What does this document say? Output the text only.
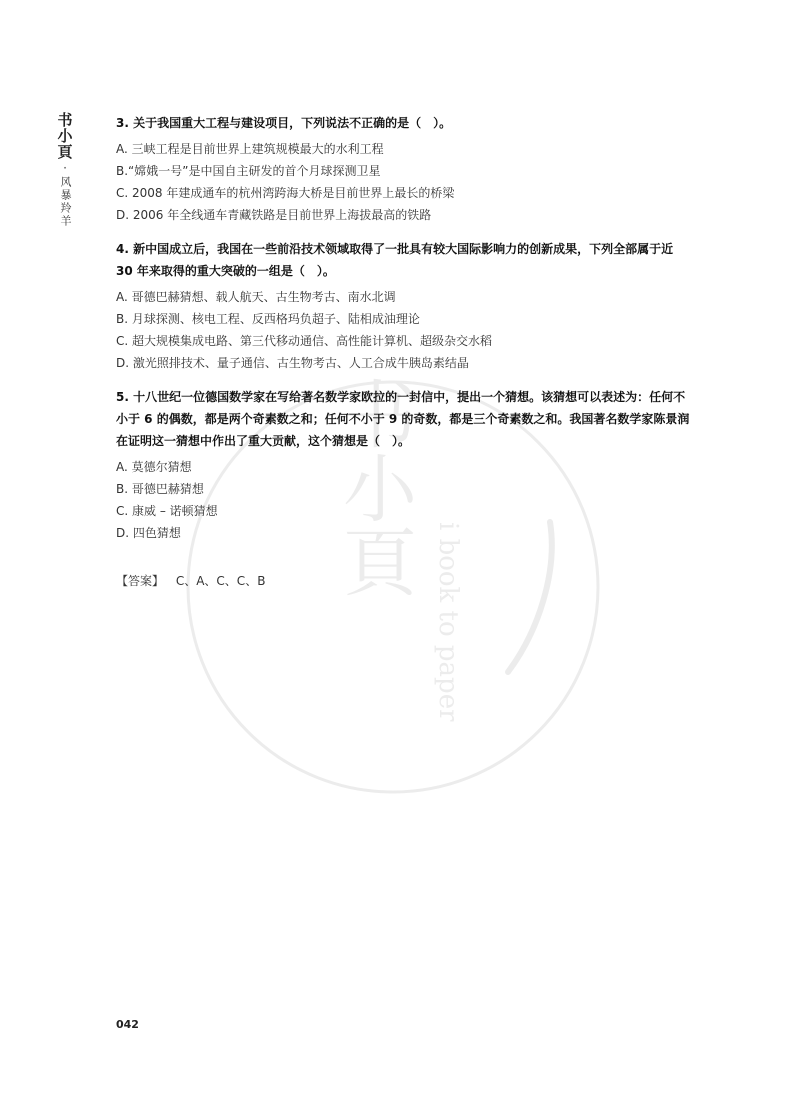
书小頁
·
风暴羚羊
书小頁
i book to paper
3. 关于我国重大工程与建设项目，下列说法不正确的是（　）。
A. 三峡工程是目前世界上建筑规模最大的水利工程
B.“嫦娥一号”是中国自主研发的首个月球探测卫星
C. 2008 年建成通车的杭州湾跨海大桥是目前世界上最长的桥梁
D. 2006 年全线通车青藏铁路是目前世界上海拔最高的铁路
4. 新中国成立后，我国在一些前沿技术领域取得了一批具有较大国际影响力的创新成果，下列全部属于近 30 年来取得的重大突破的一组是（　）。
A. 哥德巴赫猜想、载人航天、古生物考古、南水北调
B. 月球探测、核电工程、反西格玛负超子、陆相成油理论
C. 超大规模集成电路、第三代移动通信、高性能计算机、超级杂交水稻
D. 激光照排技术、量子通信、古生物考古、人工合成牛胰岛素结晶
5. 十八世纪一位德国数学家在写给著名数学家欧拉的一封信中，提出一个猜想。该猜想可以表述为：任何不小于 6 的偶数，都是两个奇素数之和；任何不小于 9 的奇数，都是三个奇素数之和。我国著名数学家陈景润在证明这一猜想中作出了重大贡献，这个猜想是（　）。
A. 莫德尔猜想
B. 哥德巴赫猜想
C. 康威 – 诺顿猜想
D. 四色猜想
【答案】 C、A、C、C、B
042
